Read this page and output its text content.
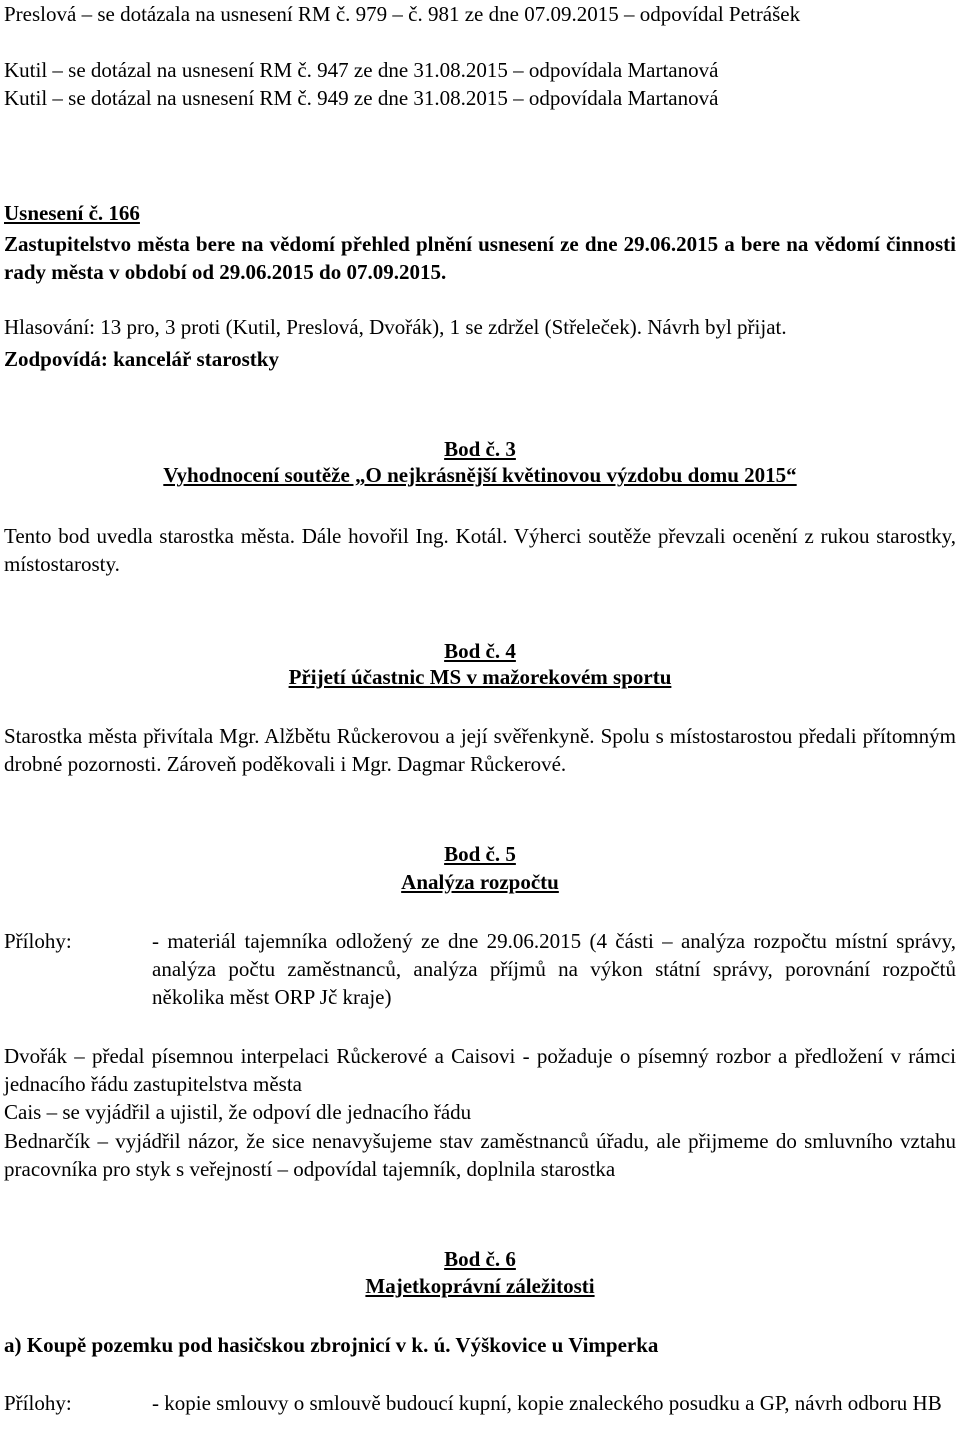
Preslová – se dotázala na usnesení RM č. 979 – č. 981 ze dne 07.09.2015 – odpovídal Petrášek

Kutil – se dotázal na usnesení RM č. 947 ze dne 31.08.2015 – odpovídala Martanová

Kutil – se dotázal na usnesení RM č. 949 ze dne 31.08.2015 – odpovídala Martanová

Usnesení č. 166

Zastupitelstvo města bere na vědomí přehled plnění usnesení ze dne 29.06.2015 a bere na vědomí činnosti rady města v období od 29.06.2015 do 07.09.2015.

Hlasování: 13 pro, 3 proti (Kutil, Preslová, Dvořák), 1 se zdržel (Střeleček). Návrh byl přijat.

Zodpovídá: kancelář starostky

Bod č. 3

Vyhodnocení soutěže „O nejkrásnější květinovou výzdobu domu 2015“

Tento bod uvedla starostka města. Dále hovořil Ing. Kotál. Výherci soutěže převzali ocenění z rukou starostky, místostarosty.

Bod č. 4

Přijetí účastnic MS v mažorekovém sportu

Starostka města přivítala Mgr. Alžbětu Růckerovou a její svěřenkyně. Spolu s místostarostou předali přítomným drobné pozornosti. Zároveň poděkovali i Mgr. Dagmar Růckerové.

Bod č. 5

Analýza rozpočtu

Přílohy:	- materiál tajemníka odložený ze dne 29.06.2015 (4 části – analýza rozpočtu místní správy, analýza počtu zaměstnanců, analýza příjmů na výkon státní správy, porovnání rozpočtů několika měst ORP Jč kraje)

Dvořák – předal písemnou interpelaci Růckerové a Caisovi - požaduje o písemný rozbor a předložení v rámci jednacího řádu zastupitelstva města

Cais – se vyjádřil a ujistil, že odpoví dle jednacího řádu

Bednarčík – vyjádřil názor, že sice nenavyšujeme stav zaměstnanců úřadu, ale přijmeme do smluvního vztahu pracovníka pro styk s veřejností – odpovídal tajemník, doplnila starostka

Bod č. 6

Majetkoprávní záležitosti

a) Koupě pozemku pod hasičskou zbrojnicí v k. ú. Výškovice u Vimperka

Přílohy:	- kopie smlouvy o smlouvě budoucí kupní, kopie znaleckého posudku a GP, návrh odboru HB
